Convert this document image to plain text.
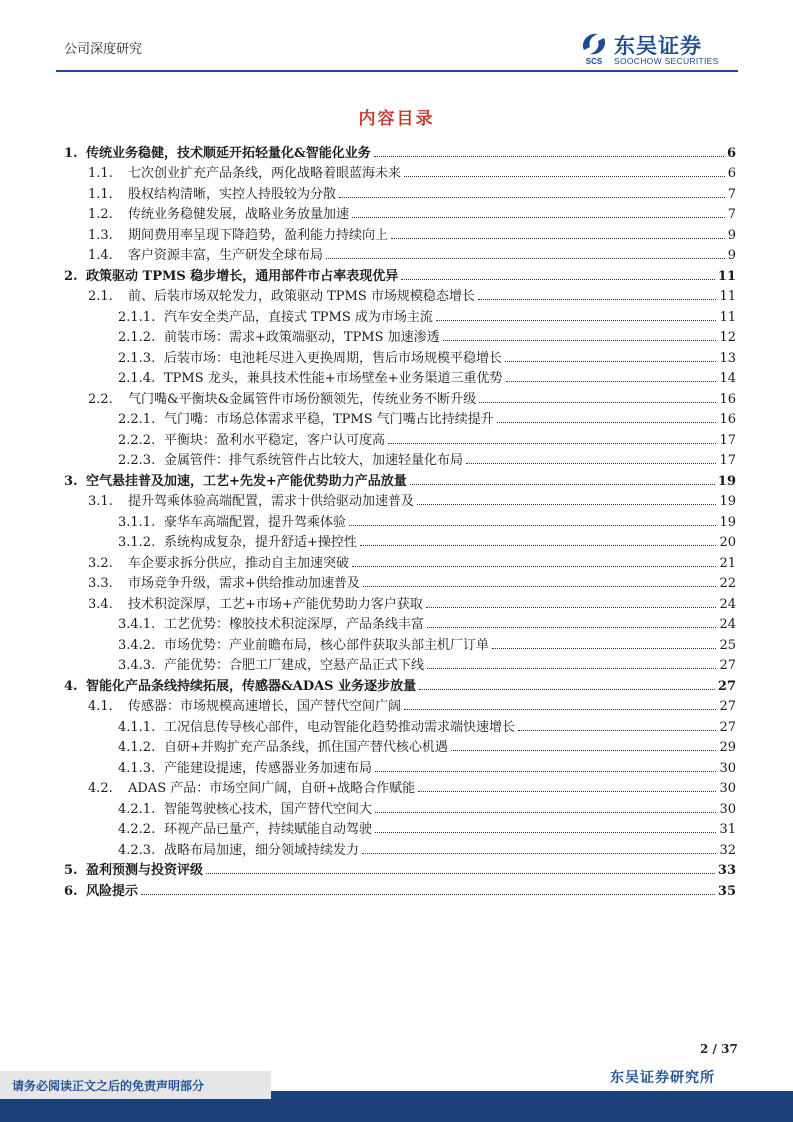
公司深度研究
SCS
东吴证券
SOOCHOW SECURITIES
内容目录
1. 传统业务稳健，技术顺延开拓轻量化&智能化业务	6
1.1.	七次创业扩充产品条线，两化战略着眼蓝海未来	6
1.1.	股权结构清晰，实控人持股较为分散	7
1.2.	传统业务稳健发展，战略业务放量加速	7
1.3.	期间费用率呈现下降趋势，盈利能力持续向上	9
1.4.	客户资源丰富，生产研发全球布局	9
2. 政策驱动 TPMS 稳步增长，通用部件市占率表现优异	11
2.1.	前、后装市场双轮发力，政策驱动 TPMS 市场规模稳态增长	11
2.1.1. 汽车安全类产品，直接式 TPMS 成为市场主流	11
2.1.2. 前装市场：需求+政策端驱动，TPMS 加速渗透	12
2.1.3. 后装市场：电池耗尽进入更换周期，售后市场规模平稳增长	13
2.1.4. TPMS 龙头，兼具技术性能+市场壁垒+业务渠道三重优势	14
2.2.	气门嘴&平衡块&金属管件市场份额领先，传统业务不断升级	16
2.2.1. 气门嘴：市场总体需求平稳，TPMS 气门嘴占比持续提升	16
2.2.2. 平衡块：盈利水平稳定，客户认可度高	17
2.2.3. 金属管件：排气系统管件占比较大，加速轻量化布局	17
3. 空气悬挂普及加速，工艺+先发+产能优势助力产品放量	19
3.1.	提升驾乘体验高端配置，需求十供给驱动加速普及	19
3.1.1. 豪华车高端配置，提升驾乘体验	19
3.1.2. 系统构成复杂，提升舒适+操控性	20
3.2.	车企要求拆分供应，推动自主加速突破	21
3.3.	市场竞争升级，需求+供给推动加速普及	22
3.4.	技术积淀深厚，工艺+市场+产能优势助力客户获取	24
3.4.1. 工艺优势：橡胶技术积淀深厚，产品条线丰富	24
3.4.2. 市场优势：产业前瞻布局，核心部件获取头部主机厂订单	25
3.4.3. 产能优势：合肥工厂建成，空悬产品正式下线	27
4. 智能化产品条线持续拓展，传感器&ADAS 业务逐步放量	27
4.1.	传感器：市场规模高速增长，国产替代空间广阔	27
4.1.1. 工况信息传导核心部件，电动智能化趋势推动需求端快速增长	27
4.1.2. 自研+并购扩充产品条线，抓住国产替代核心机遇	29
4.1.3. 产能建设提速，传感器业务加速布局	30
4.2.	ADAS 产品：市场空间广阔，自研+战略合作赋能	30
4.2.1. 智能驾驶核心技术，国产替代空间大	30
4.2.2. 环视产品已量产，持续赋能自动驾驶	31
4.2.3. 战略布局加速，细分领域持续发力	32
5. 盈利预测与投资评级	33
6. 风险提示	35
2 / 37
东吴证券研究所
请务必阅读正文之后的免责声明部分
